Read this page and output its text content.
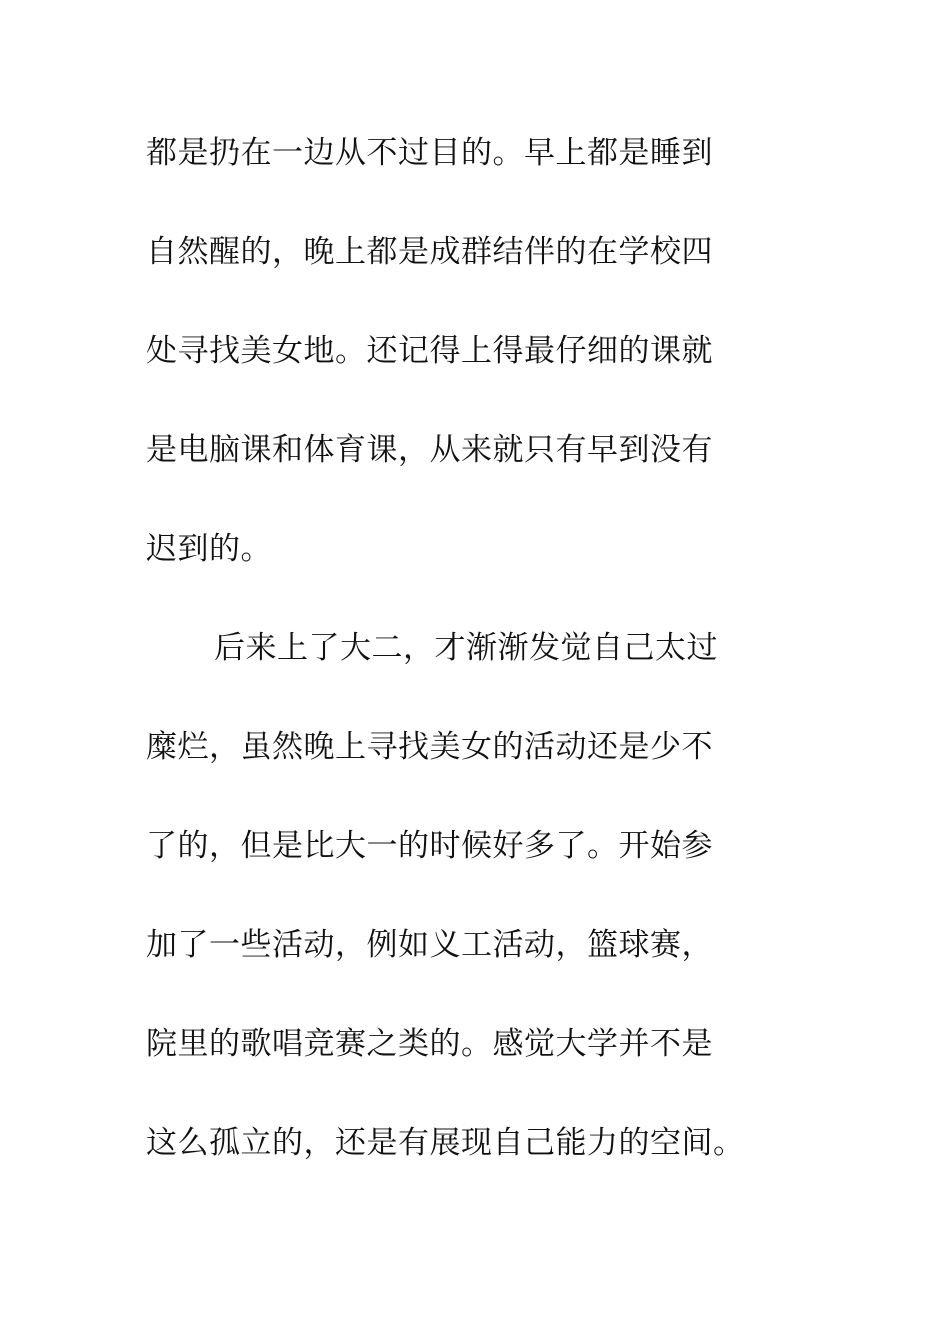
都是扔在一边从不过目的。早上都是睡到
自然醒的，晚上都是成群结伴的在学校四
处寻找美女地。还记得上得最仔细的课就
是电脑课和体育课，从来就只有早到没有
迟到的。
后来上了大二，才渐渐发觉自己太过
糜烂，虽然晚上寻找美女的活动还是少不
了的，但是比大一的时候好多了。开始参
加了一些活动，例如义工活动，篮球赛，
院里的歌唱竞赛之类的。感觉大学并不是
这么孤立的，还是有展现自己能力的空间。
